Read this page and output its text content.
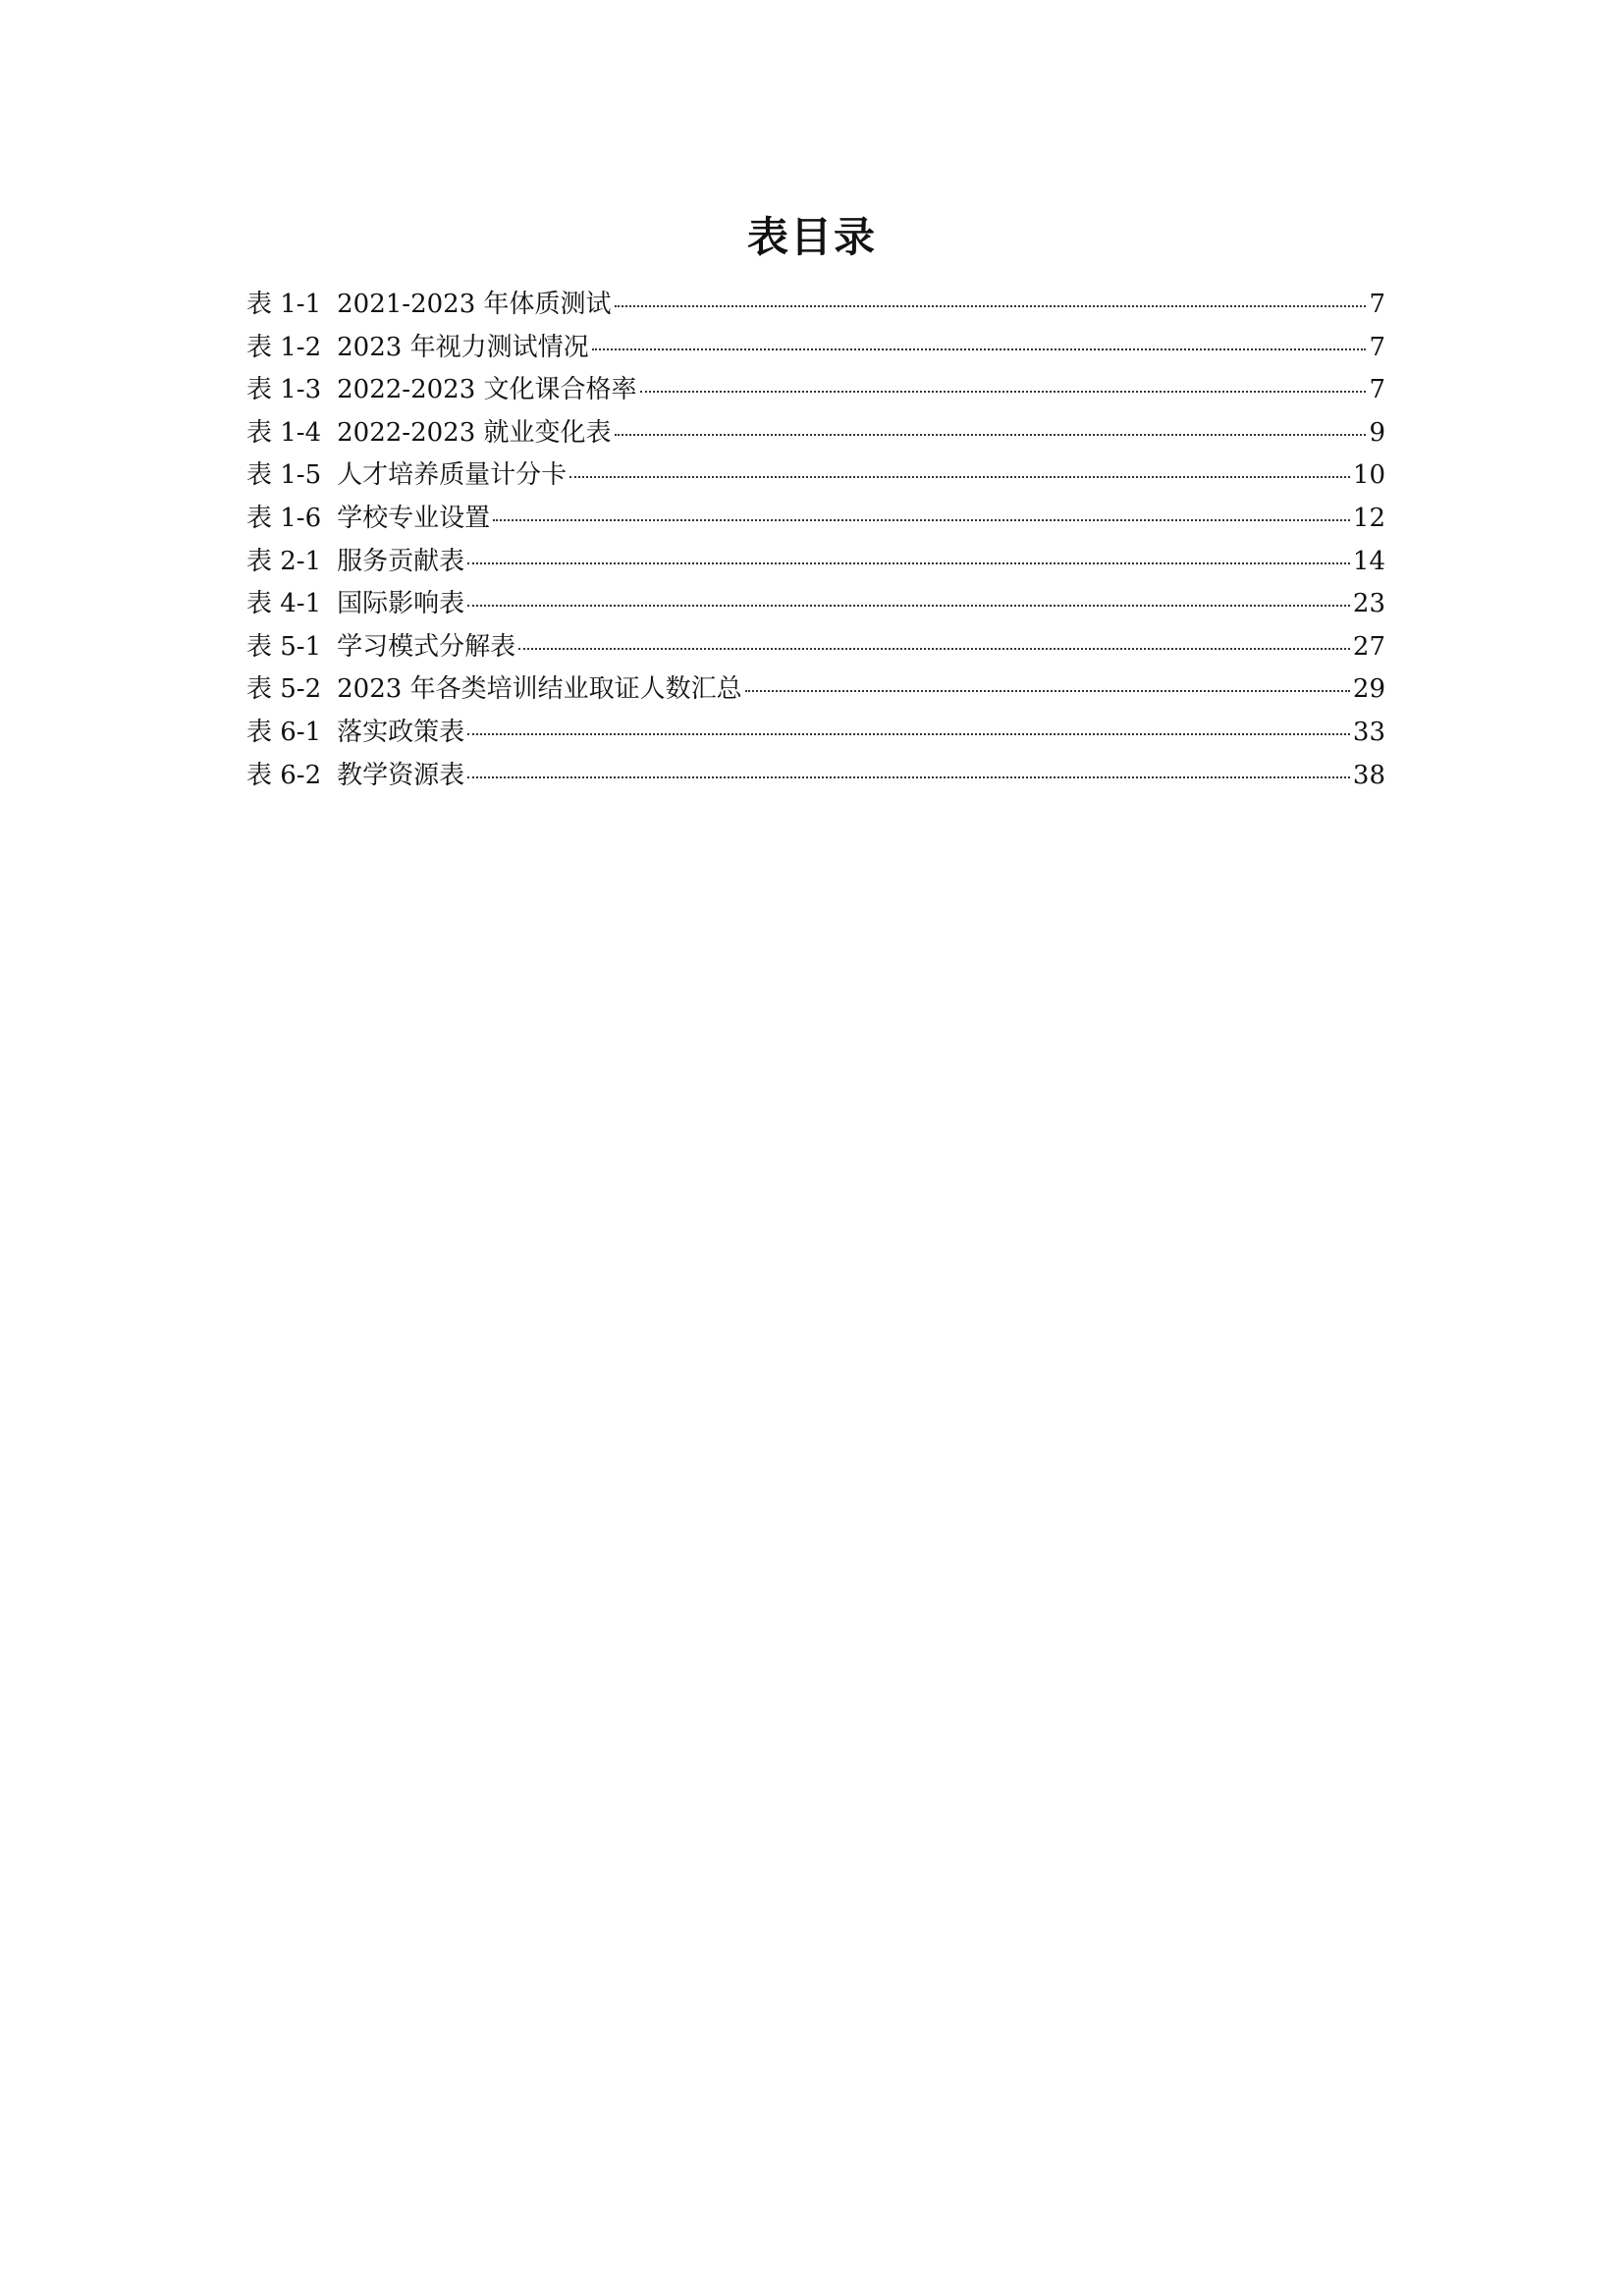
表目录
表 1-1 2021-2023 年体质测试	7
表 1-2 2023 年视力测试情况	7
表 1-3 2022-2023 文化课合格率	7
表 1-4 2022-2023 就业变化表	9
表 1-5 人才培养质量计分卡	10
表 1-6 学校专业设置	12
表 2-1 服务贡献表	14
表 4-1 国际影响表	23
表 5-1 学习模式分解表	27
表 5-2 2023 年各类培训结业取证人数汇总	29
表 6-1 落实政策表	33
表 6-2 教学资源表	38
